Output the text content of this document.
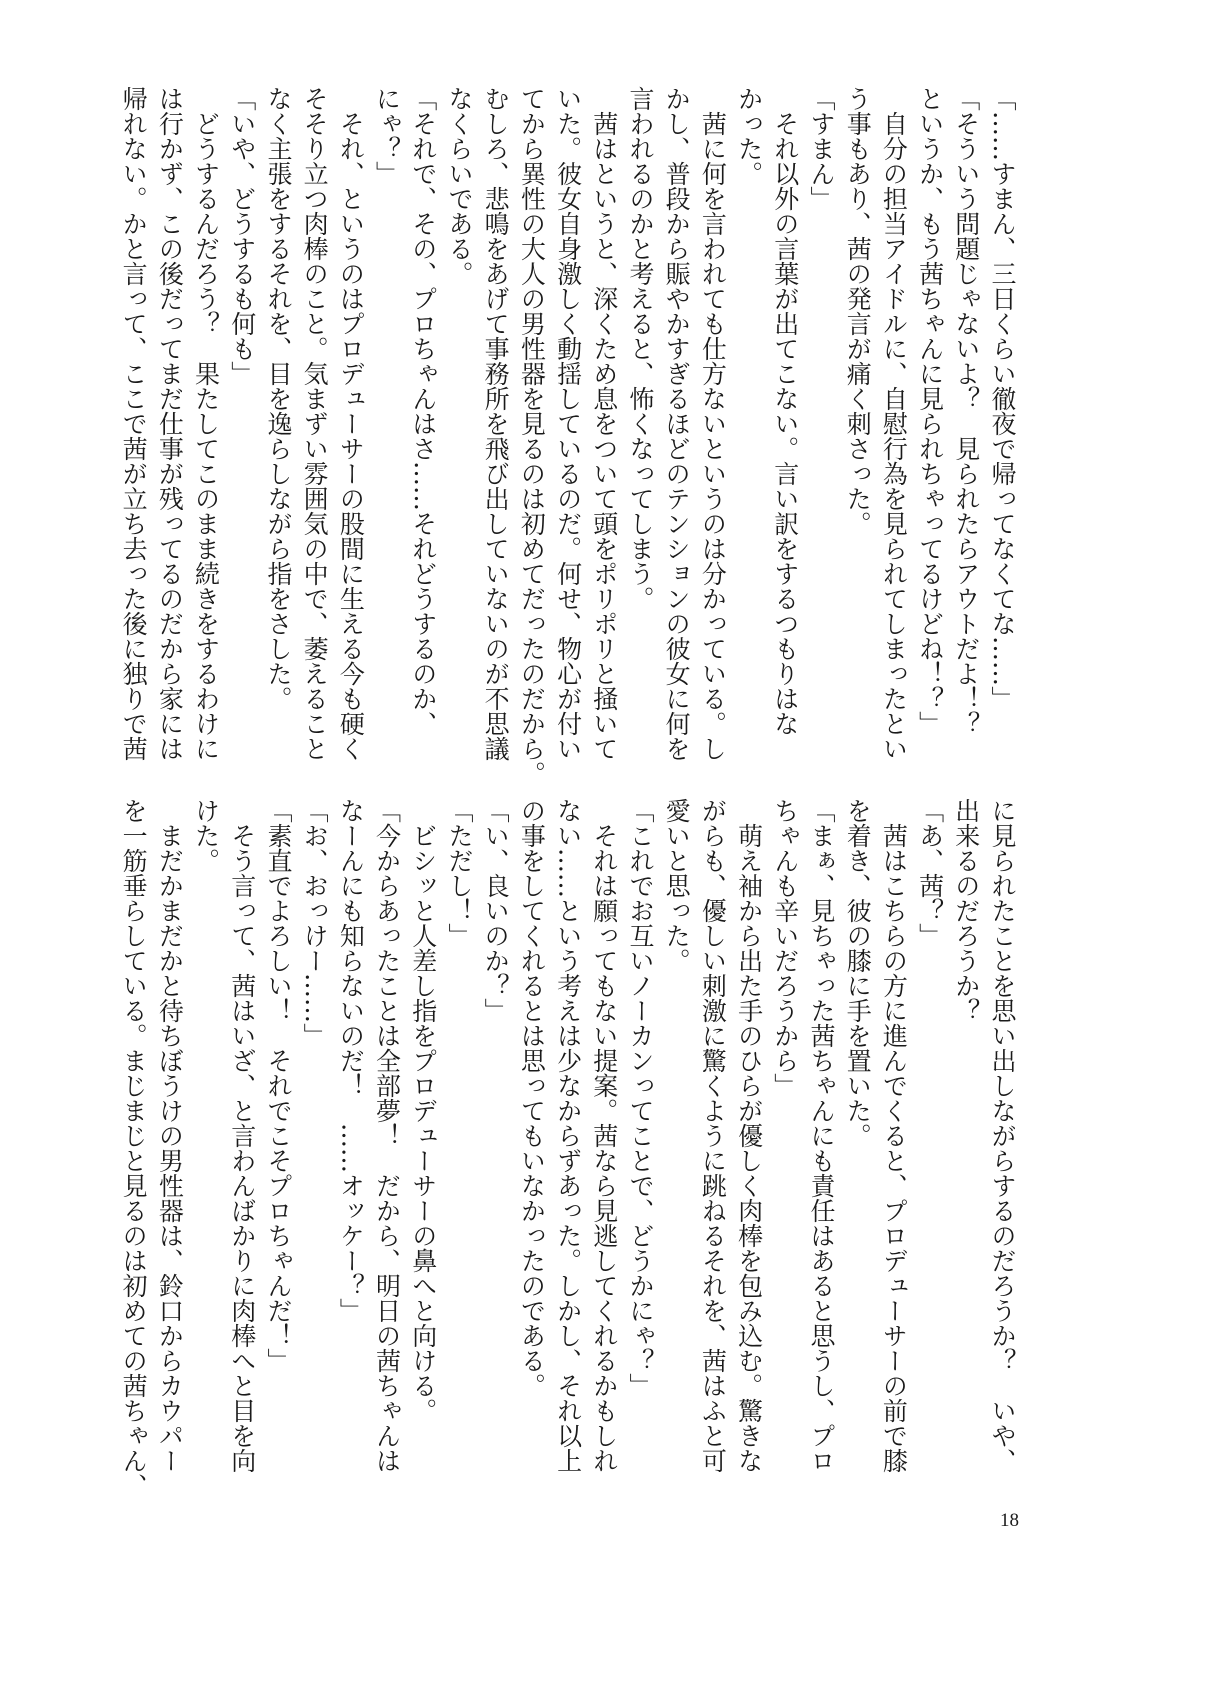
「……すまん、三日くらい徹夜で帰ってなくてな……」
「そういう問題じゃないよ？　見られたらアウトだよ！？
というか、もう茜ちゃんに見られちゃってるけどね！？」
　自分の担当アイドルに、自慰行為を見られてしまったとい
う事もあり、茜の発言が痛く刺さった。
「すまん」
　それ以外の言葉が出てこない。言い訳をするつもりはな
かった。
　茜に何を言われても仕方ないというのは分かっている。し
かし、普段から賑やかすぎるほどのテンションの彼女に何を
言われるのかと考えると、怖くなってしまう。
　茜はというと、深くため息をついて頭をポリポリと掻いて
いた。彼女自身激しく動揺しているのだ。何せ、物心が付い
てから異性の大人の男性器を見るのは初めてだったのだから。
むしろ、悲鳴をあげて事務所を飛び出していないのが不思議
なくらいである。
「それで、その、プロちゃんはさ……それどうするのか、
にゃ？」
　それ、というのはプロデューサーの股間に生える今も硬く
そそり立つ肉棒のこと。気まずい雰囲気の中で、萎えること
なく主張をするそれを、目を逸らしながら指をさした。
「いや、どうするも何も」
　どうするんだろう？　果たしてこのまま続きをするわけに
は行かず、この後だってまだ仕事が残ってるのだから家には
帰れない。かと言って、ここで茜が立ち去った後に独りで茜
に見られたことを思い出しながらするのだろうか？　いや、
出来るのだろうか？
「あ、茜？」
　茜はこちらの方に進んでくると、プロデューサーの前で膝
を着き、彼の膝に手を置いた。
「まぁ、見ちゃった茜ちゃんにも責任はあると思うし、プロ
ちゃんも辛いだろうから」
　萌え袖から出た手のひらが優しく肉棒を包み込む。驚きな
がらも、優しい刺激に驚くように跳ねるそれを、茜はふと可
愛いと思った。
「これでお互いノーカンってことで、どうかにゃ？」
　それは願ってもない提案。茜なら見逃してくれるかもしれ
ない……という考えは少なからずあった。しかし、それ以上
の事をしてくれるとは思ってもいなかったのである。
「い、良いのか？」
「ただし！」
　ビシッと人差し指をプロデューサーの鼻へと向ける。
「今からあったことは全部夢！　だから、明日の茜ちゃんは
なーんにも知らないのだ！　……オッケー？」
「お、おっけー……」
「素直でよろしい！　それでこそプロちゃんだ！」
　そう言って、茜はいざ、と言わんばかりに肉棒へと目を向
けた。
　まだかまだかと待ちぼうけの男性器は、鈴口からカウパー
を一筋垂らしている。まじまじと見るのは初めての茜ちゃん、
18
